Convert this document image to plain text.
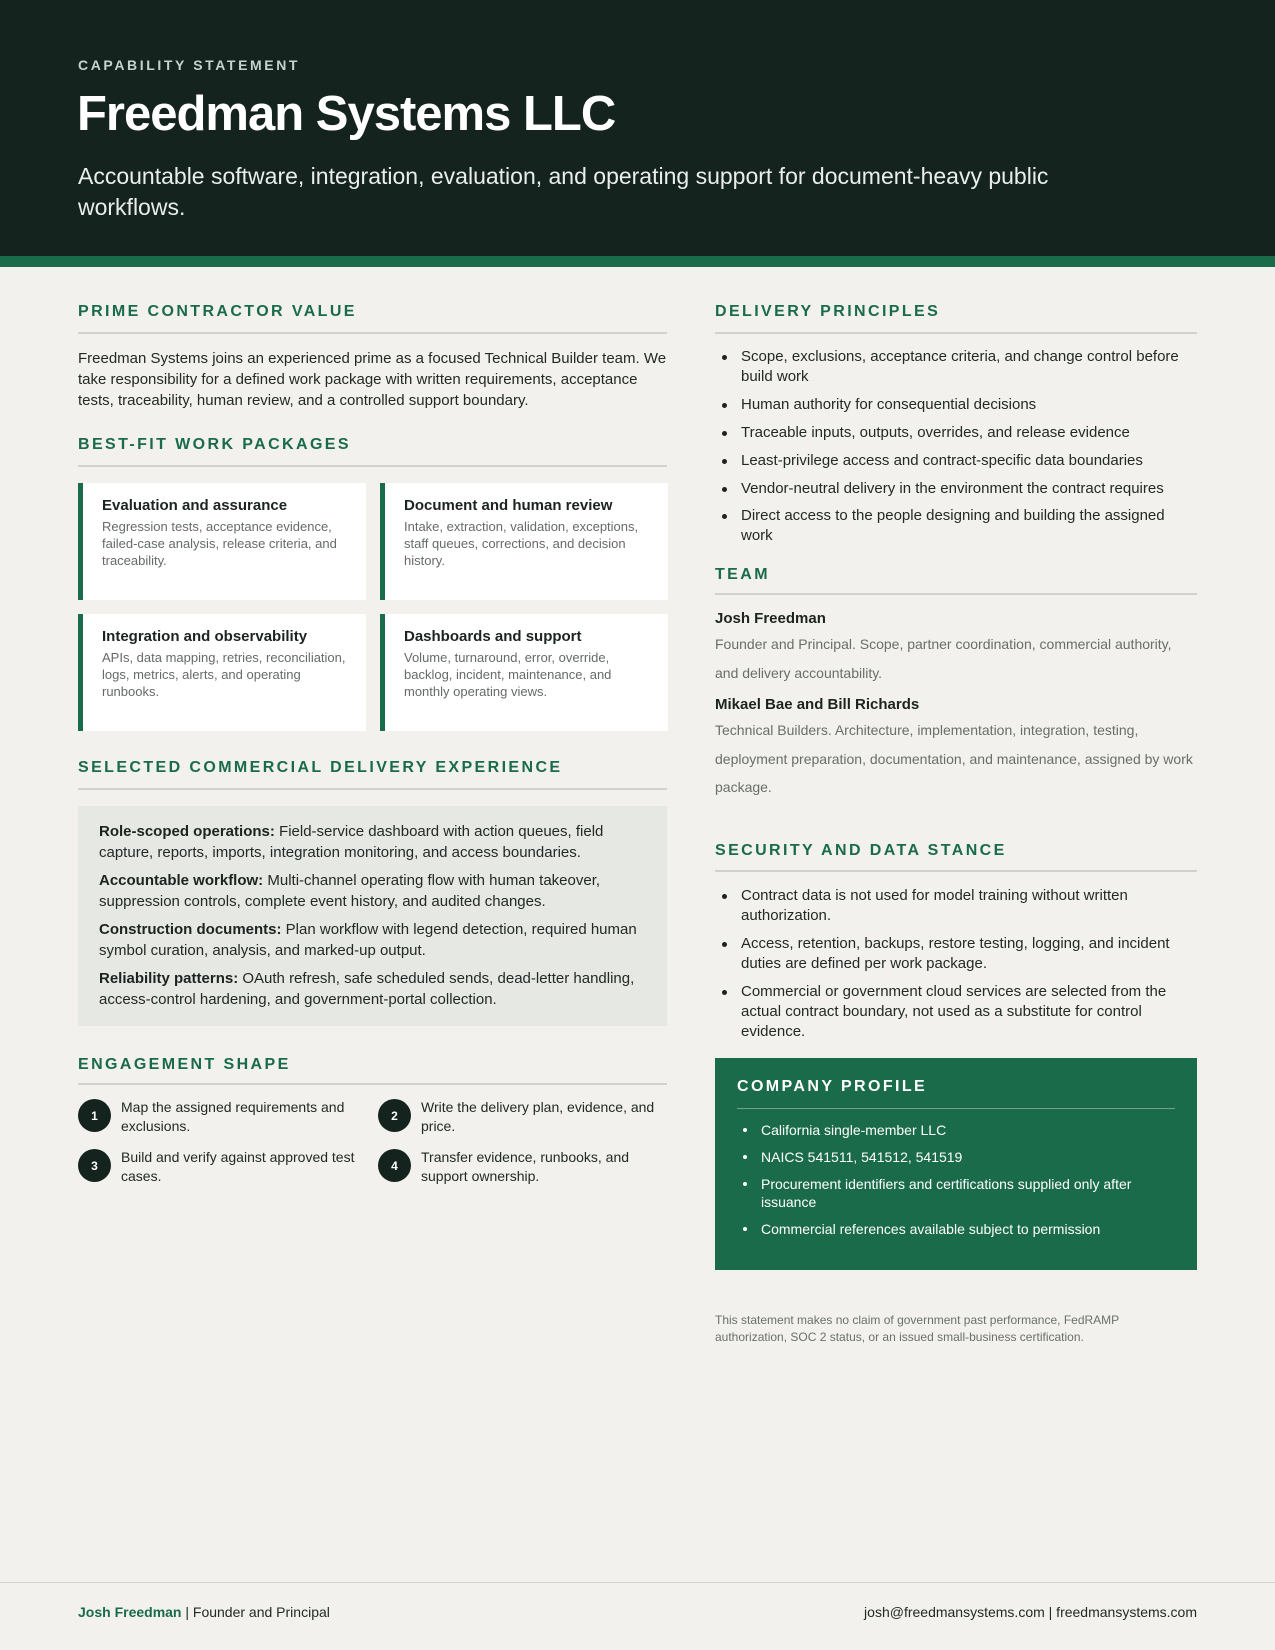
CAPABILITY STATEMENT
Freedman Systems LLC
Accountable software, integration, evaluation, and operating support for document-heavy public workflows.
PRIME CONTRACTOR VALUE
Freedman Systems joins an experienced prime as a focused Technical Builder team. We take responsibility for a defined work package with written requirements, acceptance tests, traceability, human review, and a controlled support boundary.
BEST-FIT WORK PACKAGES
Evaluation and assurance
Regression tests, acceptance evidence, failed-case analysis, release criteria, and traceability.
Document and human review
Intake, extraction, validation, exceptions, staff queues, corrections, and decision history.
Integration and observability
APIs, data mapping, retries, reconciliation, logs, metrics, alerts, and operating runbooks.
Dashboards and support
Volume, turnaround, error, override, backlog, incident, maintenance, and monthly operating views.
SELECTED COMMERCIAL DELIVERY EXPERIENCE
Role-scoped operations: Field-service dashboard with action queues, field capture, reports, imports, integration monitoring, and access boundaries.
Accountable workflow: Multi-channel operating flow with human takeover, suppression controls, complete event history, and audited changes.
Construction documents: Plan workflow with legend detection, required human symbol curation, analysis, and marked-up output.
Reliability patterns: OAuth refresh, safe scheduled sends, dead-letter handling, access-control hardening, and government-portal collection.
ENGAGEMENT SHAPE
1
Map the assigned requirements and exclusions.
2
Write the delivery plan, evidence, and price.
3
Build and verify against approved test cases.
4
Transfer evidence, runbooks, and support ownership.
DELIVERY PRINCIPLES
Scope, exclusions, acceptance criteria, and change control before build work
Human authority for consequential decisions
Traceable inputs, outputs, overrides, and release evidence
Least-privilege access and contract-specific data boundaries
Vendor-neutral delivery in the environment the contract requires
Direct access to the people designing and building the assigned work
TEAM
Josh Freedman
Founder and Principal. Scope, partner coordination, commercial authority, and delivery accountability.
Mikael Bae and Bill Richards
Technical Builders. Architecture, implementation, integration, testing, deployment preparation, documentation, and maintenance, assigned by work package.
SECURITY AND DATA STANCE
Contract data is not used for model training without written authorization.
Access, retention, backups, restore testing, logging, and incident duties are defined per work package.
Commercial or government cloud services are selected from the actual contract boundary, not used as a substitute for control evidence.
COMPANY PROFILE
California single-member LLC
NAICS 541511, 541512, 541519
Procurement identifiers and certifications supplied only after issuance
Commercial references available subject to permission
This statement makes no claim of government past performance, FedRAMP authorization, SOC 2 status, or an issued small-business certification.
Josh Freedman | Founder and Principal	josh@freedmansystems.com | freedmansystems.com
